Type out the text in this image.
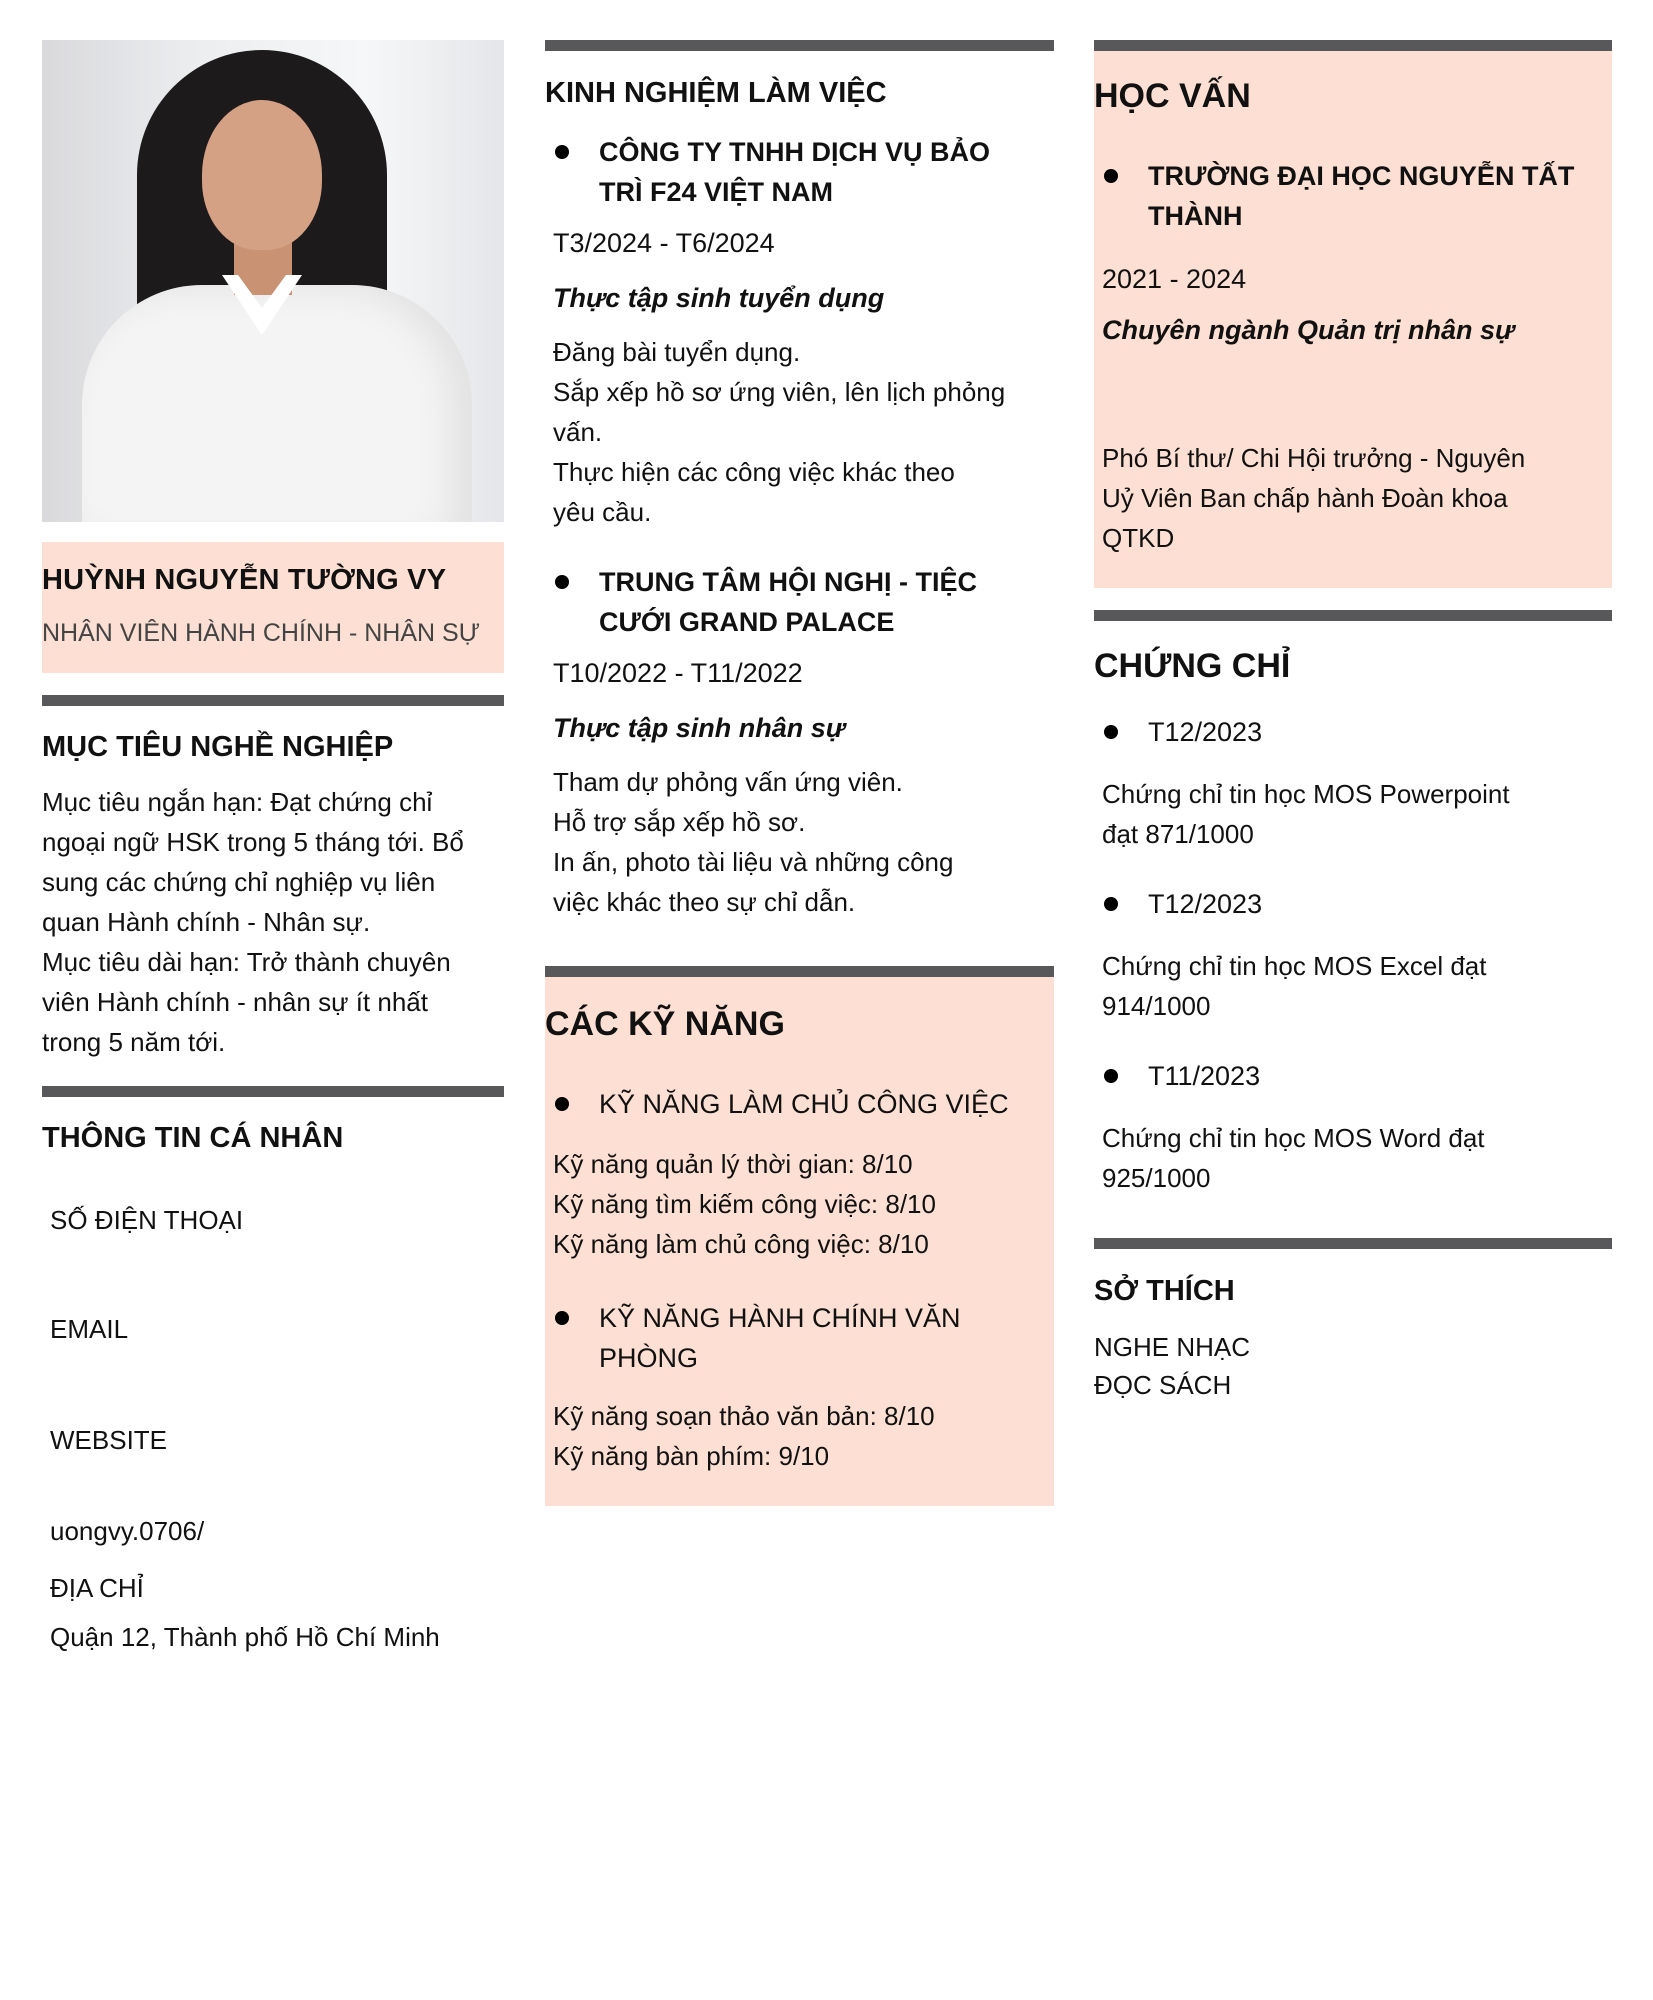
HUỲNH NGUYỄN TƯỜNG VY
NHÂN VIÊN HÀNH CHÍNH - NHÂN SỰ
MỤC TIÊU NGHỀ NGHIỆP
Mục tiêu ngắn hạn: Đạt chứng chỉ
ngoại ngữ HSK trong 5 tháng tới. Bổ
sung các chứng chỉ nghiệp vụ liên
quan Hành chính - Nhân sự.
Mục tiêu dài hạn: Trở thành chuyên
viên Hành chính - nhân sự ít nhất
trong 5 năm tới.
THÔNG TIN CÁ NHÂN
SỐ ĐIỆN THOẠI
EMAIL
WEBSITE
uongvy.0706/
ĐỊA CHỈ
Quận 12, Thành phố Hồ Chí Minh
KINH NGHIỆM LÀM VIỆC
CÔNG TY TNHH DỊCH VỤ BẢO
TRÌ F24 VIỆT NAM
T3/2024 - T6/2024
Thực tập sinh tuyển dụng
Đăng bài tuyển dụng.
Sắp xếp hồ sơ ứng viên, lên lịch phỏng
vấn.
Thực hiện các công việc khác theo
yêu cầu.
TRUNG TÂM HỘI NGHỊ - TIỆC
CƯỚI GRAND PALACE
T10/2022 - T11/2022
Thực tập sinh nhân sự
Tham dự phỏng vấn ứng viên.
Hỗ trợ sắp xếp hồ sơ.
In ấn, photo tài liệu và những công
việc khác theo sự chỉ dẫn.
CÁC KỸ NĂNG
KỸ NĂNG LÀM CHỦ CÔNG VIỆC
Kỹ năng quản lý thời gian: 8/10
Kỹ năng tìm kiếm công việc: 8/10
Kỹ năng làm chủ công việc: 8/10
KỸ NĂNG HÀNH CHÍNH VĂN
PHÒNG
Kỹ năng soạn thảo văn bản: 8/10
Kỹ năng bàn phím: 9/10
HỌC VẤN
TRƯỜNG ĐẠI HỌC NGUYỄN TẤT
THÀNH
2021 - 2024
Chuyên ngành Quản trị nhân sự
Phó Bí thư/ Chi Hội trưởng - Nguyên
Uỷ Viên Ban chấp hành Đoàn khoa
QTKD
CHỨNG CHỈ
T12/2023
Chứng chỉ tin học MOS Powerpoint
đạt 871/1000
T12/2023
Chứng chỉ tin học MOS Excel đạt
914/1000
T11/2023
Chứng chỉ tin học MOS Word đạt
925/1000
SỞ THÍCH
NGHE NHẠC
ĐỌC SÁCH
